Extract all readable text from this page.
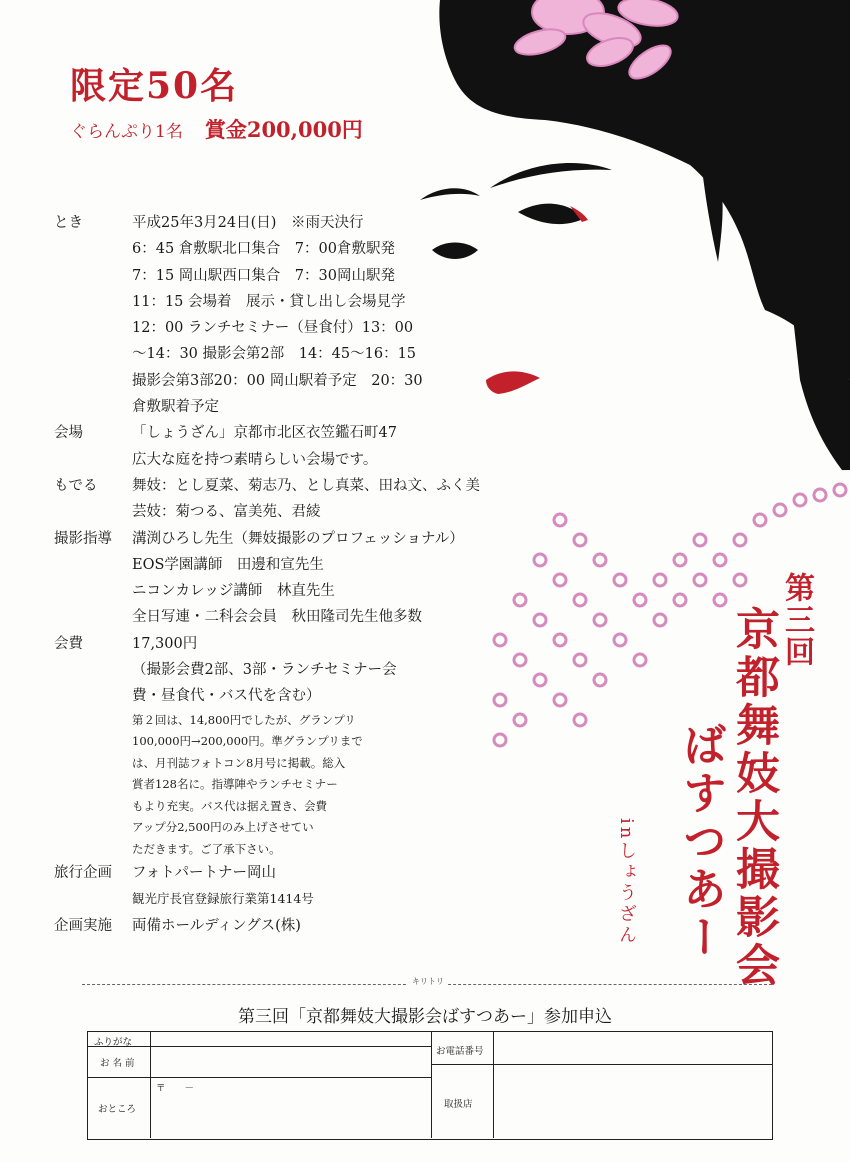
限定50名
ぐらんぷり1名 賞金200,000円
とき	平成25年3月24日(日)　※雨天決行
6：45 倉敷駅北口集合　7：00倉敷駅発
7：15 岡山駅西口集合　7：30岡山駅発
11：15 会場着　展示・貸し出し会場見学
12：00 ランチセミナー（昼食付）13：00
～14：30 撮影会第2部　14：45～16：15
撮影会第3部20：00 岡山駅着予定　20：30
倉敷駅着予定
会場	「しょうざん」京都市北区衣笠鑑石町47
広大な庭を持つ素晴らしい会場です。
もでる	舞妓：とし夏菜、菊志乃、とし真菜、田ね文、ふく美
芸妓：菊つる、富美苑、君綾
撮影指導	溝渕ひろし先生（舞妓撮影のプロフェッショナル）
EOS学園講師　田邊和宣先生
ニコンカレッジ講師　林直先生
全日写連・二科会会員　秋田隆司先生他多数
会費	17,300円
（撮影会費2部、3部・ランチセミナー会
費・昼食代・バス代を含む）
第２回は、14,800円でしたが、グランプリ
100,000円→200,000円。準グランプリまで
は、月刊誌フォトコン8月号に掲載。総入
賞者128名に。指導陣やランチセミナー
もより充実。バス代は据え置き、会費
アップ分2,500円のみ上げさせてい
ただきます。ご了承下さい。
旅行企画	フォトパートナー岡山
観光庁長官登録旅行業第1414号
企画実施	両備ホールディングス(株)
第三回
京都舞妓大撮影会
ばすつあー
inしょうざん
キリトリ
第三回「京都舞妓大撮影会ばすつあー」参加申込
ふりがな
お 名 前
おところ
〒　　－
お電話番号
取扱店
